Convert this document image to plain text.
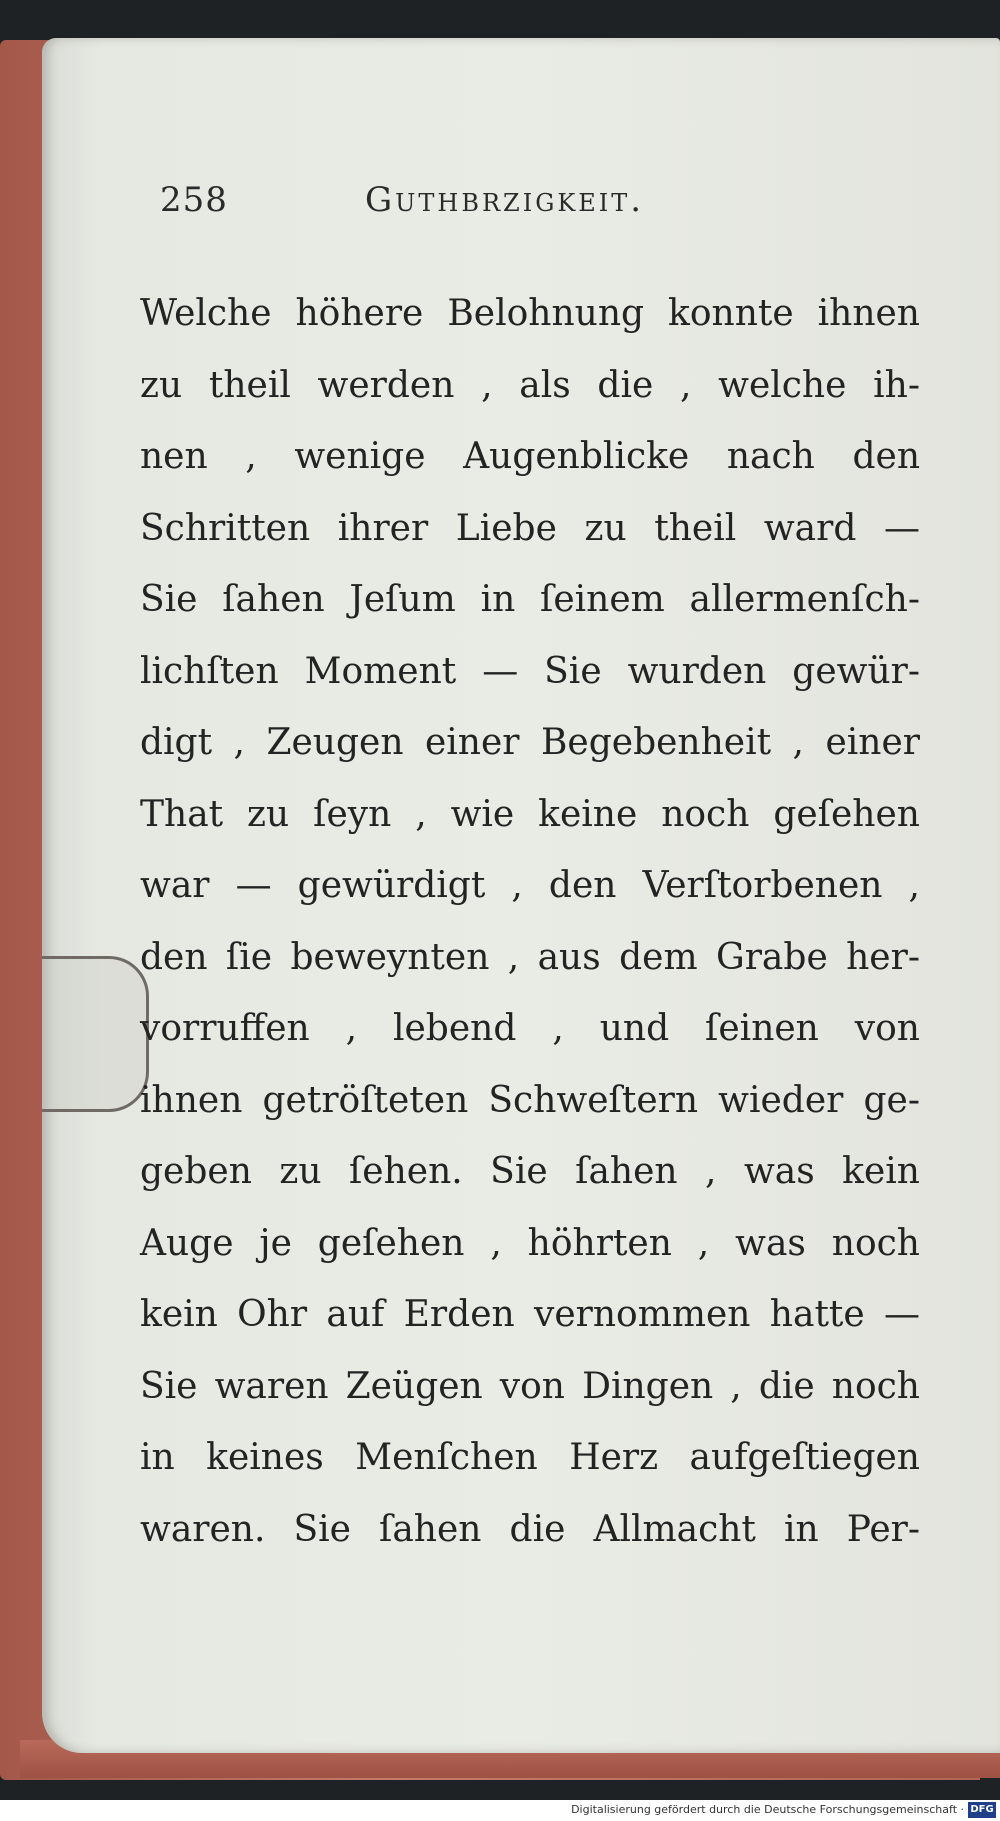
258	Guthbrzigkeit.
Welche höhere Belohnung konnte ihnen
zu theil werden , als die , welche ih-
nen , wenige Augenblicke nach den
Schritten ihrer Liebe zu theil ward —
Sie ſahen Jeſum in ſeinem allermenſch-
lichſten Moment — Sie wurden gewür-
digt , Zeugen einer Begebenheit , einer
That zu ſeyn , wie keine noch geſehen
war — gewürdigt , den Verſtorbenen ,
den ſie beweynten , aus dem Grabe her-
vorruffen , lebend , und ſeinen von
ihnen getröſteten Schweſtern wieder ge-
geben zu ſehen. Sie ſahen , was kein
Auge je geſehen , höhrten , was noch
kein Ohr auf Erden vernommen hatte —
Sie waren Zeügen von Dingen , die noch
in keines Menſchen Herz aufgeſtiegen
waren. Sie ſahen die Allmacht in Per-
Digitalisierung gefördert durch die Deutsche Forschungsgemeinschaft · DFG
